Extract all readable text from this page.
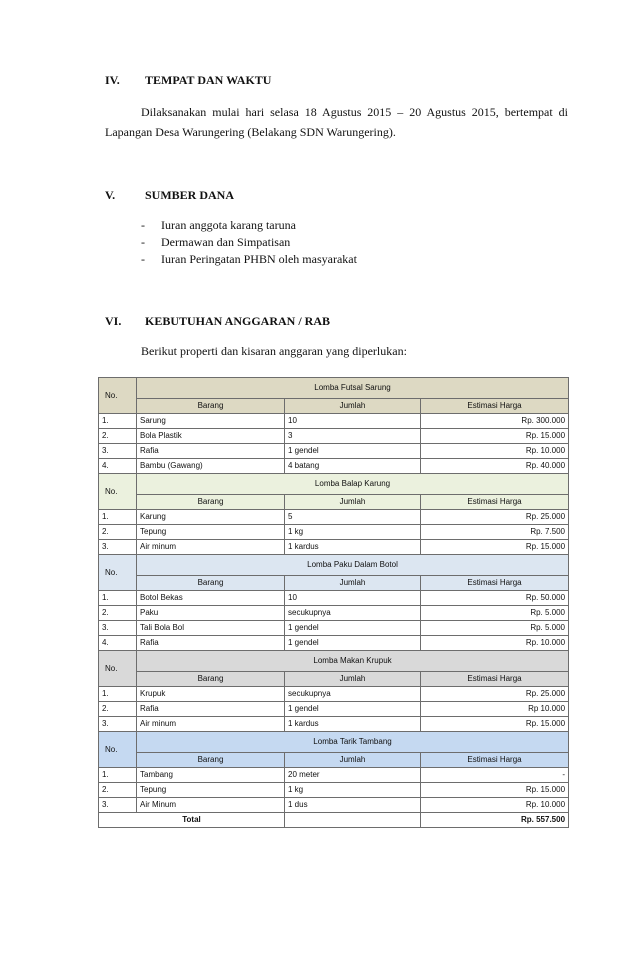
IV. TEMPAT DAN WAKTU
Dilaksanakan mulai hari selasa 18 Agustus 2015 – 20 Agustus 2015, bertempat di Lapangan Desa Warungering (Belakang SDN Warungering).
V. SUMBER DANA
- Iuran anggota karang taruna
- Dermawan dan Simpatisan
- Iuran Peringatan PHBN oleh masyarakat
VI. KEBUTUHAN ANGGARAN / RAB
Berikut properti dan kisaran anggaran yang diperlukan:
No.	Lomba Futsal Sarung		
	Barang	Jumlah	Estimasi Harga
1.	Sarung	10	Rp. 300.000
2.	Bola Plastik	3	Rp. 15.000
3.	Rafia	1 gendel	Rp. 10.000
4.	Bambu (Gawang)	4 batang	Rp. 40.000
No.	Lomba Balap Karung		
	Barang	Jumlah	Estimasi Harga
1.	Karung	5	Rp. 25.000
2.	Tepung	1 kg	Rp. 7.500
3.	Air minum	1 kardus	Rp. 15.000
No.	Lomba Paku Dalam Botol		
	Barang	Jumlah	Estimasi Harga
1.	Botol Bekas	10	Rp. 50.000
2.	Paku	secukupnya	Rp. 5.000
3.	Tali Bola Bol	1 gendel	Rp. 5.000
4.	Rafia	1 gendel	Rp. 10.000
No.	Lomba Makan Krupuk		
	Barang	Jumlah	Estimasi Harga
1.	Krupuk	secukupnya	Rp. 25.000
2.	Rafia	1 gendel	Rp 10.000
3.	Air minum	1 kardus	Rp. 15.000
No.	Lomba Tarik Tambang		
	Barang	Jumlah	Estimasi Harga
1.	Tambang	20 meter	-
2.	Tepung	1 kg	Rp. 15.000
3.	Air Minum	1 dus	Rp. 10.000
Total			Rp. 557.500
